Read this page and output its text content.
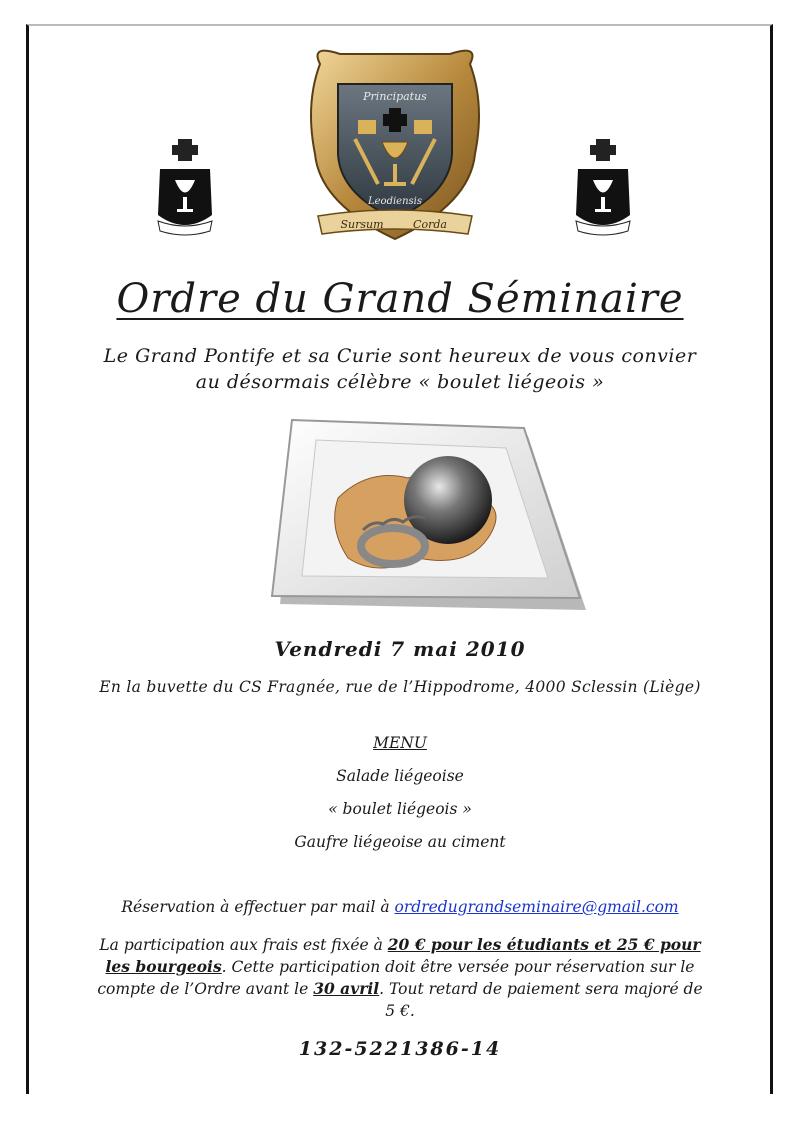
Principatus
Leodiensis
Sursum	Corda
Ordre du Grand Séminaire
Le Grand Pontife et sa Curie sont heureux de vous convier
au désormais célèbre « boulet liégeois »
Vendredi 7 mai 2010
En la buvette du CS Fragnée, rue de l’Hippodrome, 4000 Sclessin (Liège)
MENU
Salade liégeoise
« boulet liégeois »
Gaufre liégeoise au ciment
Réservation à effectuer par mail à ordredugrandseminaire@gmail.com
La participation aux frais est fixée à 20 € pour les étudiants et 25 € pour les bourgeois. Cette participation doit être versée pour réservation sur le compte de l’Ordre avant le 30 avril. Tout retard de paiement sera majoré de 5 €.
132-5221386-14
